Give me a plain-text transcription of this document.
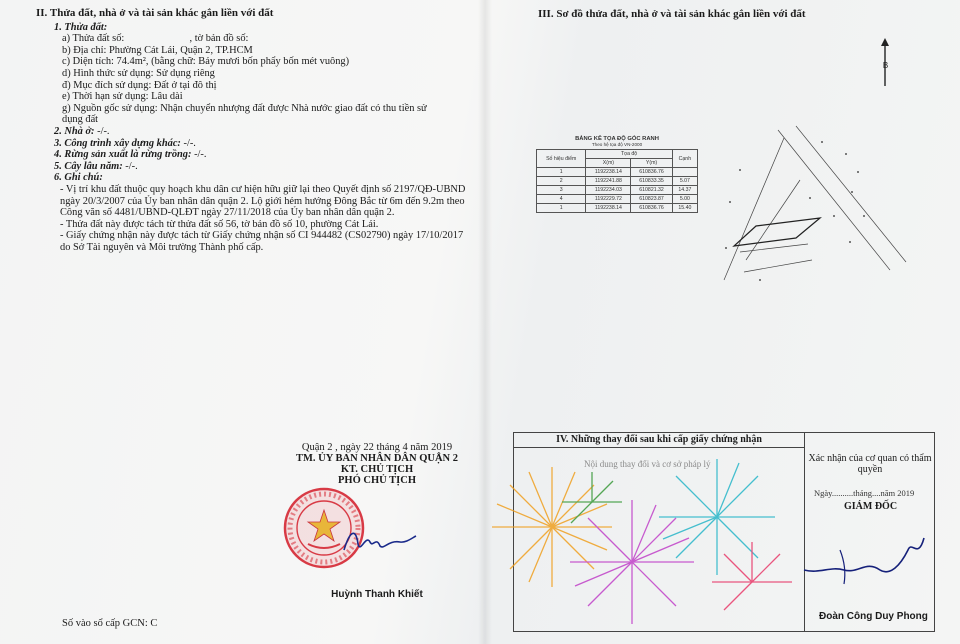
II. Thửa đất, nhà ở và tài sản khác gắn liền với đất
1. Thửa đất:
a) Thửa đất số:	, tờ bản đồ số:
b) Địa chỉ: Phường Cát Lái, Quận 2, TP.HCM
c) Diện tích: 74.4m², (bằng chữ: Bảy mươi bốn phẩy bốn mét vuông)
d) Hình thức sử dụng: Sử dụng riêng
đ) Mục đích sử dụng: Đất ở tại đô thị
e) Thời hạn sử dụng: Lâu dài
g) Nguồn gốc sử dụng: Nhận chuyển nhượng đất được Nhà nước giao đất có thu tiền sử dụng đất
2. Nhà ở: -/-.
3. Công trình xây dựng khác: -/-.
4. Rừng sản xuất là rừng trồng: -/-.
5. Cây lâu năm: -/-.
6. Ghi chú:
- Vị trí khu đất thuộc quy hoạch khu dân cư hiện hữu giữ lại theo Quyết định số 2197/QĐ-UBND ngày 20/3/2007 của Ủy ban nhân dân quận 2. Lộ giới hẻm hướng Đông Bắc từ 6m đến 9.2m theo Công văn số 4481/UBND-QLĐT ngày 27/11/2018 của Ủy ban nhân dân quận 2.
- Thửa đất này được tách từ thửa đất số 56, tờ bản đồ số 10, phường Cát Lái.
- Giấy chứng nhận này được tách từ Giấy chứng nhận số CI 944482 (CS02790) ngày 17/10/2017 do Sở Tài nguyên và Môi trường Thành phố cấp.
Quận 2 , ngày 22 tháng 4 năm 2019
TM. ỦY BAN NHÂN DÂN QUẬN 2
KT. CHỦ TỊCH
PHÓ CHỦ TỊCH
Huỳnh Thanh Khiết
Số vào sổ cấp GCN: C
III. Sơ đồ thửa đất, nhà ở và tài sản khác gắn liền với đất
B
BẢNG KÊ TỌA ĐỘ GÓC RANH
Theo hệ tọa độ VN-2000
Số hiệu điểm	Tọa độ		Cạnh
	X(m)	Y(m)	
1	1192238.14	610836.76	
2	1192241.88	610833.35	5.07
3	1192234.03	610821.32	14.37
4	1192229.72	610823.87	5.00
1	1192238.14	610836.76	15.40
IV. Những thay đổi sau khi cấp giấy chứng nhận
Nội dung thay đổi và cơ sở pháp lý	Xác nhận của cơ quan có thẩm quyền
Ngày..........tháng....năm 2019
GIÁM ĐỐC
Đoàn Công Duy Phong
